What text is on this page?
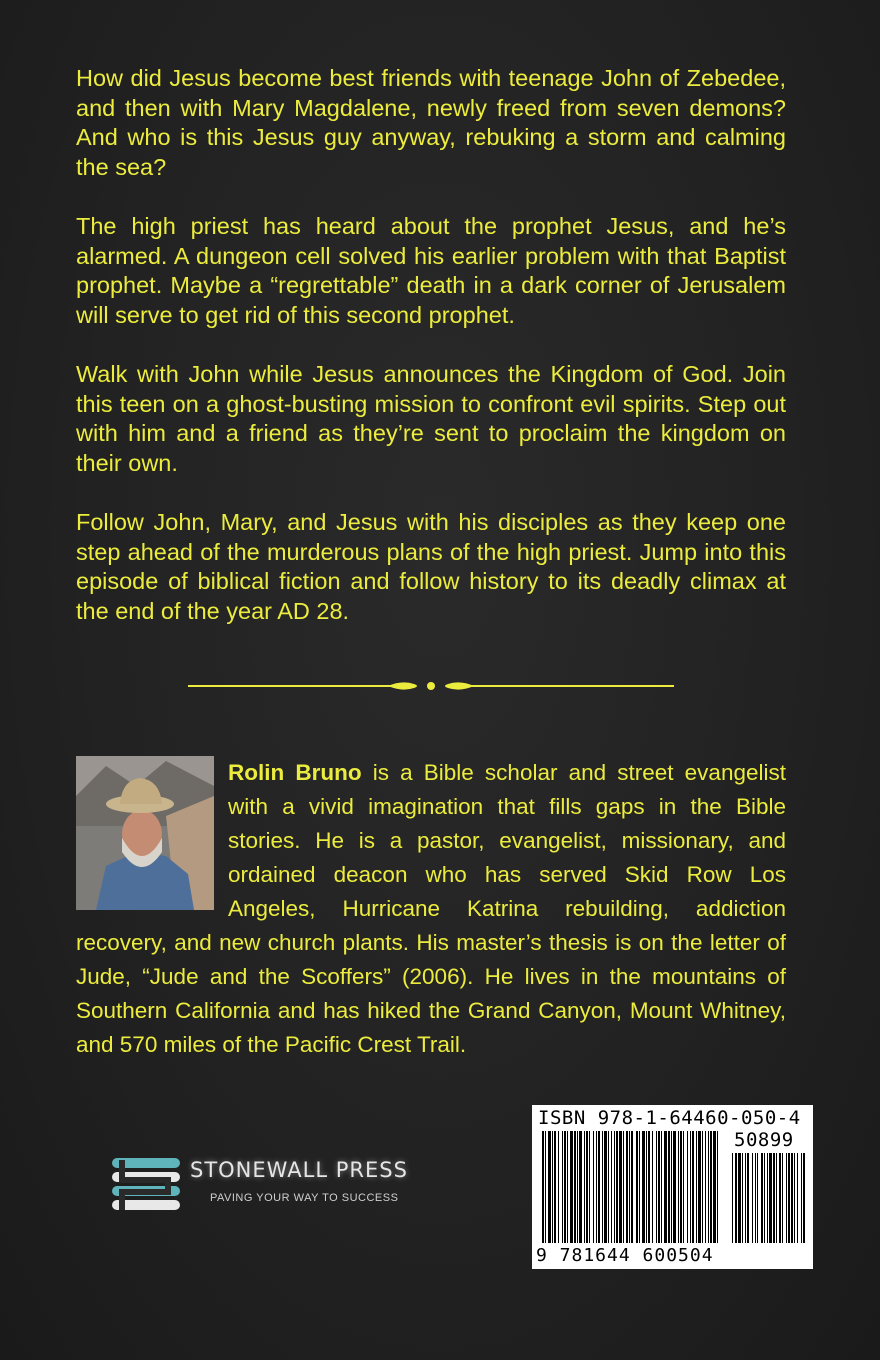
How did Jesus become best friends with teenage John of Zebedee, and then with Mary Magdalene, newly freed from seven demons? And who is this Jesus guy anyway, rebuking a storm and calming the sea?

The high priest has heard about the prophet Jesus, and he’s alarmed. A dungeon cell solved his earlier problem with that Baptist prophet. Maybe a “regrettable” death in a dark corner of Jerusalem will serve to get rid of this second prophet.

Walk with John while Jesus announces the Kingdom of God. Join this teen on a ghost-busting mission to confront evil spirits. Step out with him and a friend as they’re sent to proclaim the kingdom on their own.

Follow John, Mary, and Jesus with his disciples as they keep one step ahead of the murderous plans of the high priest. Jump into this episode of biblical fiction and follow history to its deadly climax at the end of the year AD 28.

Rolin Bruno is a Bible scholar and street evangelist with a vivid imagination that fills gaps in the Bible stories. He is a pastor, evangelist, missionary, and ordained deacon who has served Skid Row Los Angeles, Hurricane Katrina rebuilding, addiction recovery, and new church plants. His master’s thesis is on the letter of Jude, “Jude and the Scoffers” (2006). He lives in the mountains of Southern California and has hiked the Grand Canyon, Mount Whitney, and 570 miles of the Pacific Crest Trail.
STONEWALL PRESS
PAVING YOUR WAY TO SUCCESS
ISBN 978-1-64460-050-4
50899
9 781644 600504
